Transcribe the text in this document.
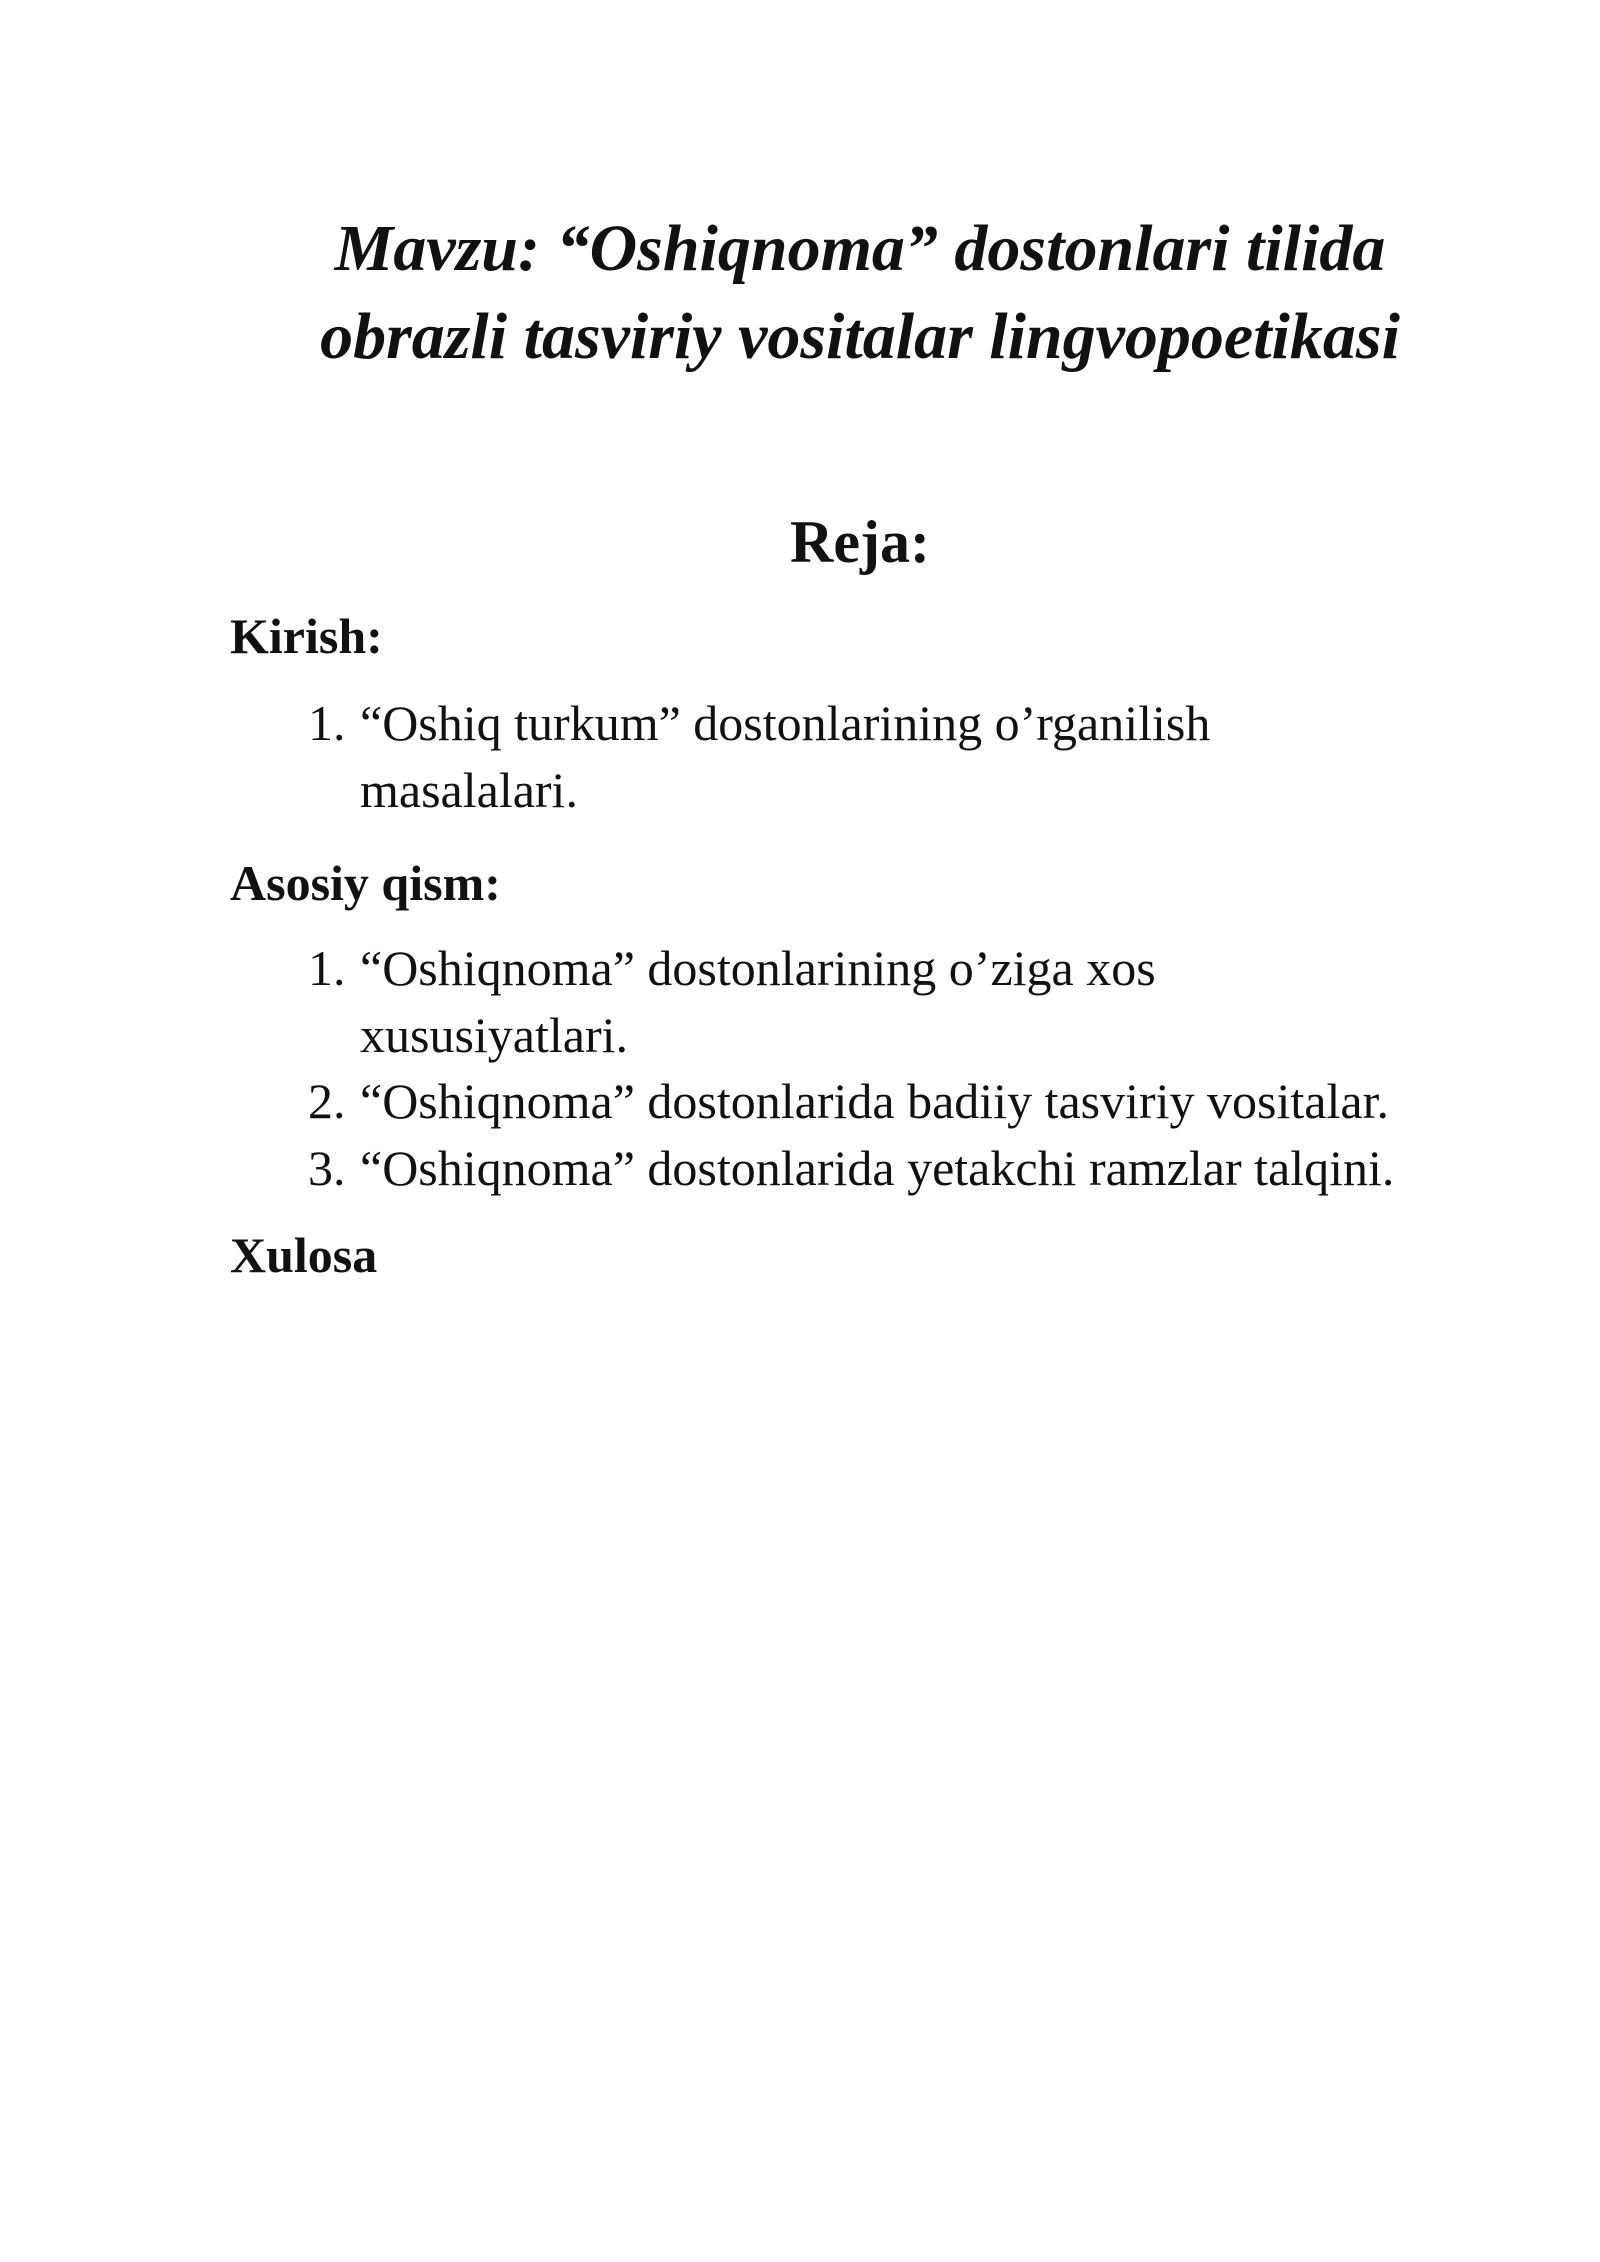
Mavzu: “Oshiqnoma” dostonlari tilida
obrazli tasviriy vositalar lingvopoetikasi
Reja:
Kirish:
1. “Oshiq turkum” dostonlarining o’rganilish masalalari.
Asosiy qism:
1. “Oshiqnoma” dostonlarining o’ziga xos xususiyatlari.
2. “Oshiqnoma” dostonlarida badiiy tasviriy vositalar.
3. “Oshiqnoma” dostonlarida yetakchi ramzlar talqini.
Xulosa
